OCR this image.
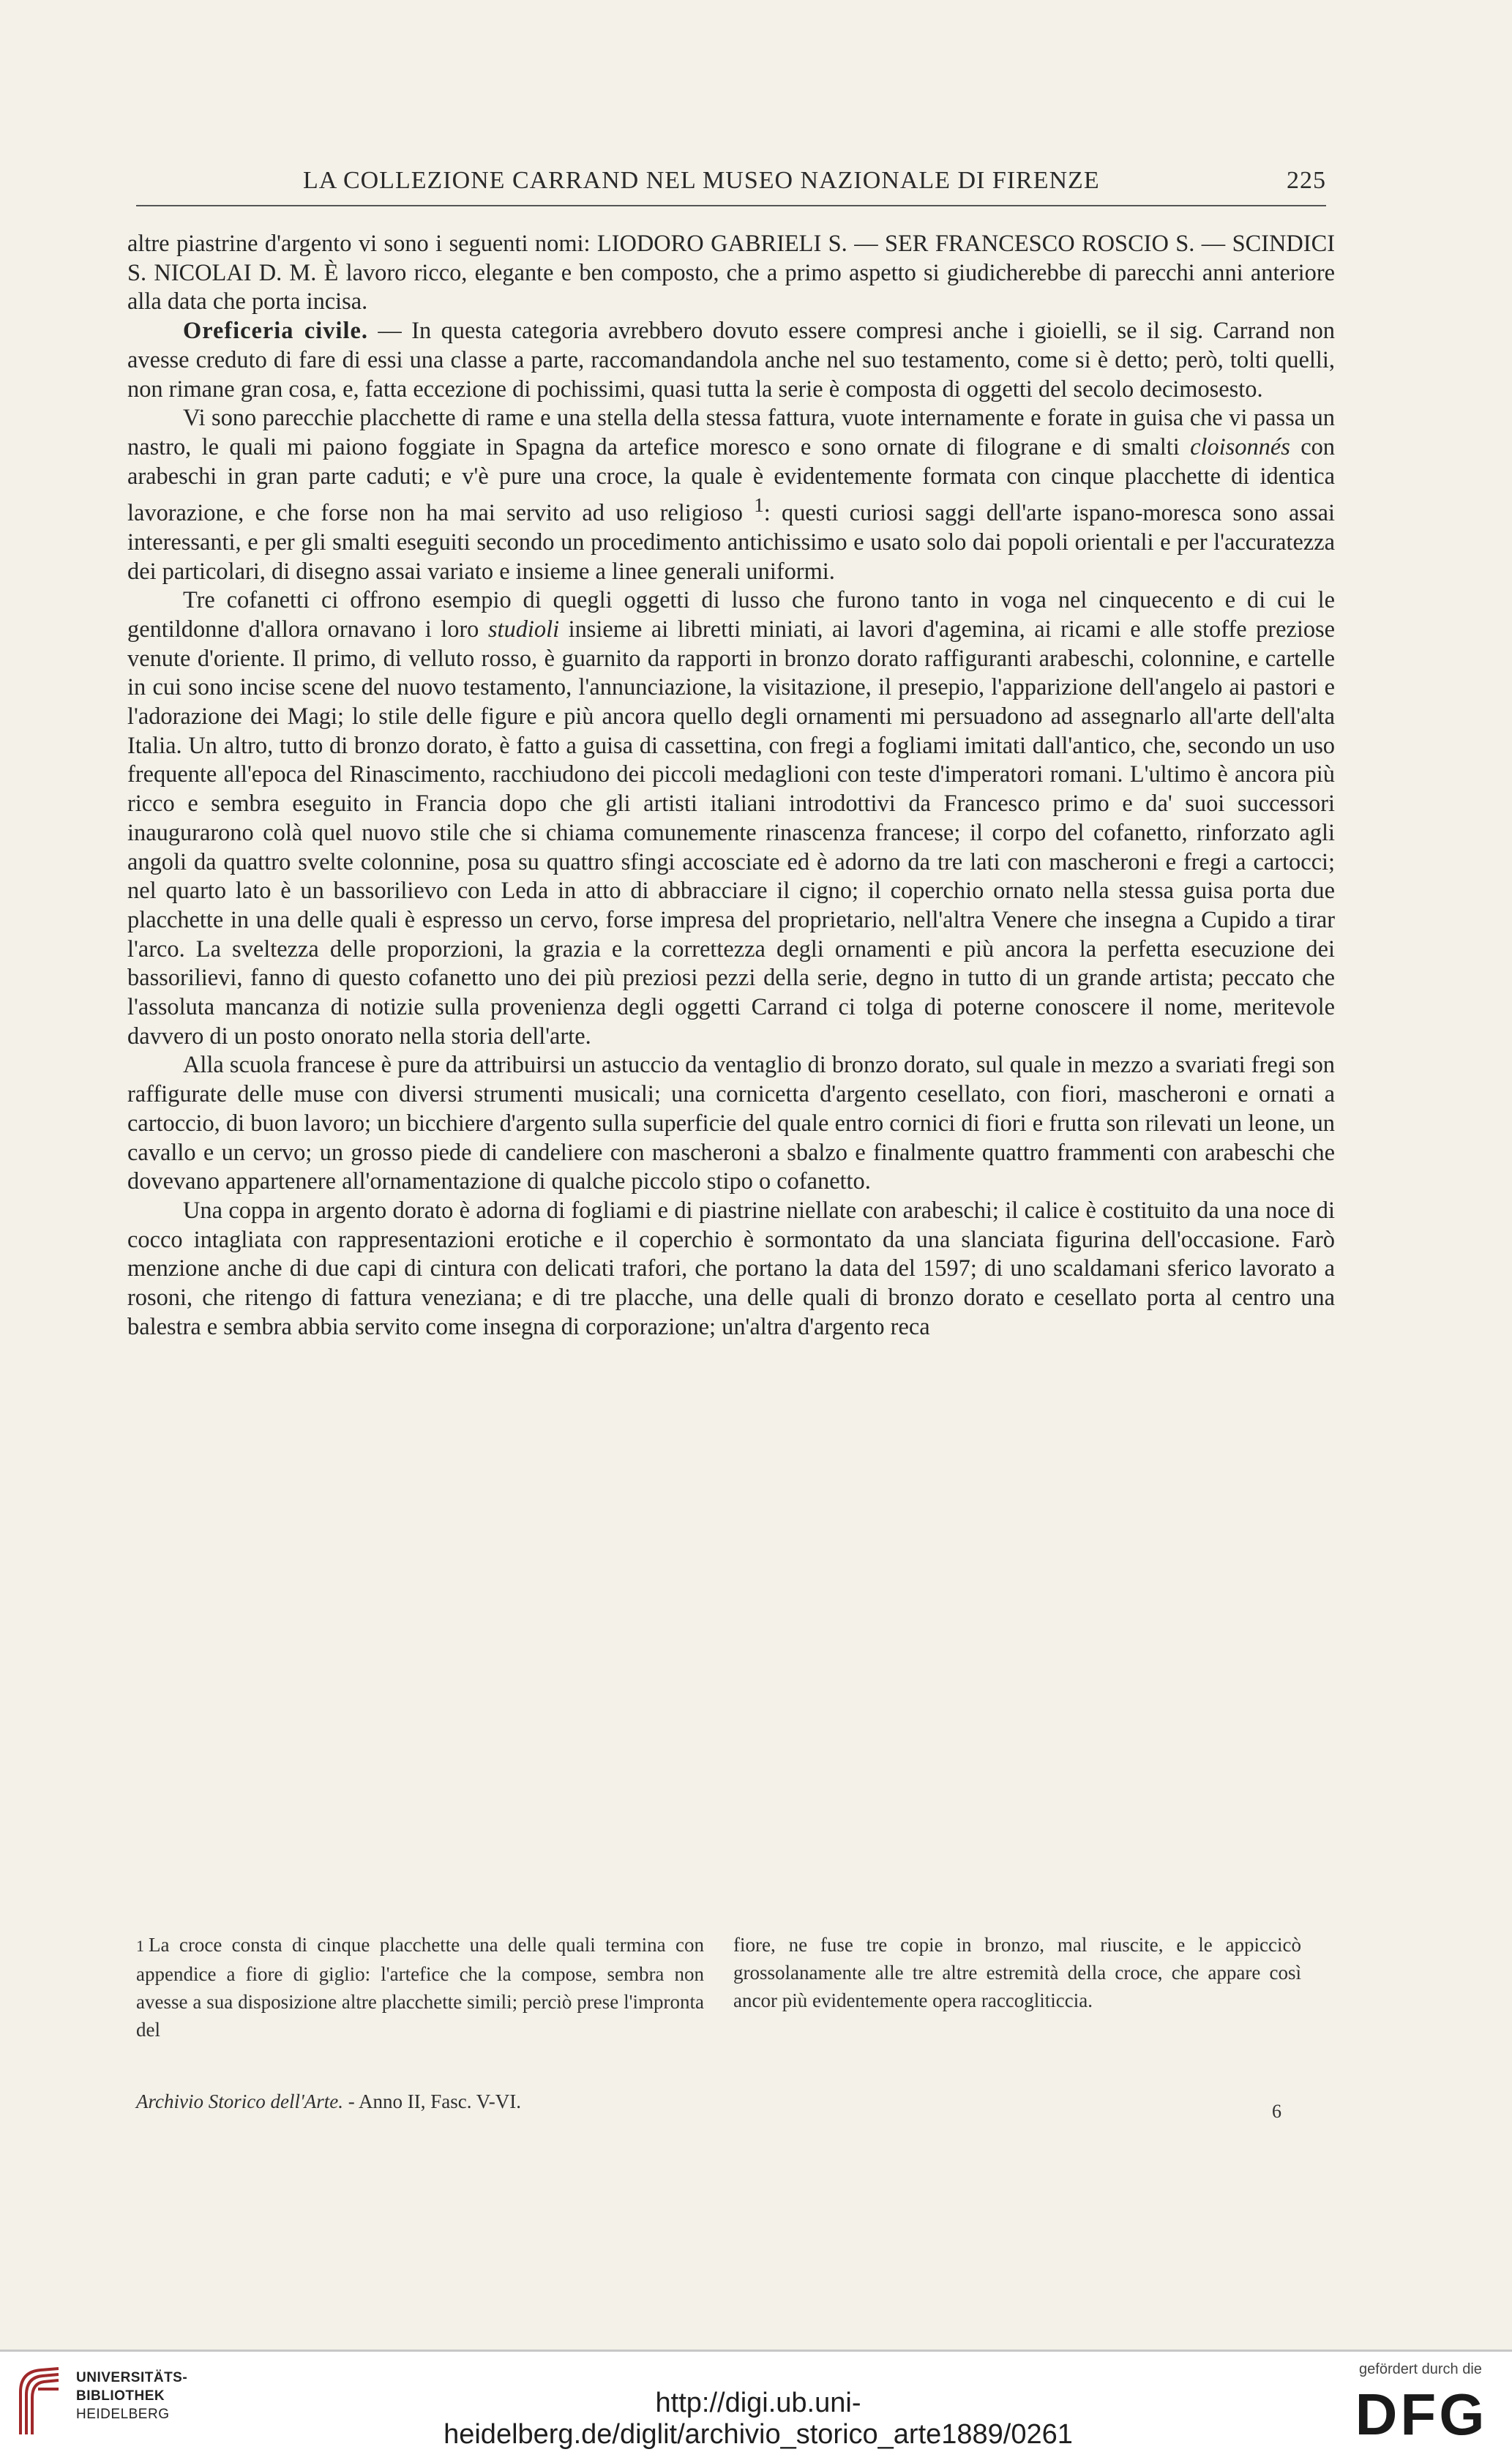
LA COLLEZIONE CARRAND NEL MUSEO NAZIONALE DI FIRENZE	225

altre piastrine d'argento vi sono i seguenti nomi: LIODORO GABRIELI S. — SER FRANCESCO ROSCIO S. — SCINDICI S. NICOLAI D. M. È lavoro ricco, elegante e ben composto, che a primo aspetto si giudicherebbe di parecchi anni anteriore alla data che porta incisa.

Oreficeria civile. — In questa categoria avrebbero dovuto essere compresi anche i gioielli, se il sig. Carrand non avesse creduto di fare di essi una classe a parte, raccomandandola anche nel suo testamento, come si è detto; però, tolti quelli, non rimane gran cosa, e, fatta eccezione di pochissimi, quasi tutta la serie è composta di oggetti del secolo decimosesto.

Vi sono parecchie placchette di rame e una stella della stessa fattura, vuote internamente e forate in guisa che vi passa un nastro, le quali mi paiono foggiate in Spagna da artefice moresco e sono ornate di filograne e di smalti cloisonnés con arabeschi in gran parte caduti; e v'è pure una croce, la quale è evidentemente formata con cinque placchette di identica lavorazione, e che forse non ha mai servito ad uso religioso $^1$: questi curiosi saggi dell'arte ispano-moresca sono assai interessanti, e per gli smalti eseguiti secondo un procedimento antichissimo e usato solo dai popoli orientali e per l'accuratezza dei particolari, di disegno assai variato e insieme a linee generali uniformi.

Tre cofanetti ci offrono esempio di quegli oggetti di lusso che furono tanto in voga nel cinquecento e di cui le gentildonne d'allora ornavano i loro studioli insieme ai libretti miniati, ai lavori d'agemina, ai ricami e alle stoffe preziose venute d'oriente. Il primo, di velluto rosso, è guarnito da rapporti in bronzo dorato raffiguranti arabeschi, colonnine, e cartelle in cui sono incise scene del nuovo testamento, l'annunciazione, la visitazione, il presepio, l'apparizione dell'angelo ai pastori e l'adorazione dei Magi; lo stile delle figure e più ancora quello degli ornamenti mi persuadono ad assegnarlo all'arte dell'alta Italia. Un altro, tutto di bronzo dorato, è fatto a guisa di cassettina, con fregi a fogliami imitati dall'antico, che, secondo un uso frequente all'epoca del Rinascimento, racchiudono dei piccoli medaglioni con teste d'imperatori romani. L'ultimo è ancora più ricco e sembra eseguito in Francia dopo che gli artisti italiani introdottivi da Francesco primo e da' suoi successori inaugurarono colà quel nuovo stile che si chiama comunemente rinascenza francese; il corpo del cofanetto, rinforzato agli angoli da quattro svelte colonnine, posa su quattro sfingi accosciate ed è adorno da tre lati con mascheroni e fregi a cartocci; nel quarto lato è un bassorilievo con Leda in atto di abbracciare il cigno; il coperchio ornato nella stessa guisa porta due placchette in una delle quali è espresso un cervo, forse impresa del proprietario, nell'altra Venere che insegna a Cupido a tirar l'arco. La sveltezza delle proporzioni, la grazia e la correttezza degli ornamenti e più ancora la perfetta esecuzione dei bassorilievi, fanno di questo cofanetto uno dei più preziosi pezzi della serie, degno in tutto di un grande artista; peccato che l'assoluta mancanza di notizie sulla provenienza degli oggetti Carrand ci tolga di poterne conoscere il nome, meritevole davvero di un posto onorato nella storia dell'arte.

Alla scuola francese è pure da attribuirsi un astuccio da ventaglio di bronzo dorato, sul quale in mezzo a svariati fregi son raffigurate delle muse con diversi strumenti musicali; una cornicetta d'argento cesellato, con fiori, mascheroni e ornati a cartoccio, di buon lavoro; un bicchiere d'argento sulla superficie del quale entro cornici di fiori e frutta son rilevati un leone, un cavallo e un cervo; un grosso piede di candeliere con mascheroni a sbalzo e finalmente quattro frammenti con arabeschi che dovevano appartenere all'ornamentazione di qualche piccolo stipo o cofanetto.

Una coppa in argento dorato è adorna di fogliami e di piastrine niellate con arabeschi; il calice è costituito da una noce di cocco intagliata con rappresentazioni erotiche e il coperchio è sormontato da una slanciata figurina dell'occasione. Farò menzione anche di due capi di cintura con delicati trafori, che portano la data del 1597; di uno scaldamani sferico lavorato a rosoni, che ritengo di fattura veneziana; e di tre placche, una delle quali di bronzo dorato e cesellato porta al centro una balestra e sembra abbia servito come insegna di corporazione; un'altra d'argento reca

1 La croce consta di cinque placchette una delle quali termina con appendice a fiore di giglio: l'artefice che la compose, sembra non avesse a sua disposizione altre placchette simili; perciò prese l'impronta del

fiore, ne fuse tre copie in bronzo, mal riuscite, e le appiccicò grossolanamente alle tre altre estremità della croce, che appare così ancor più evidentemente opera raccogliticcia.

Archivio Storico dell'Arte. - Anno II, Fasc. V-VI.	6
UNIVERSITÄTS-
BIBLIOTHEK
HEIDELBERG	http://digi.ub.uni-heidelberg.de/diglit/archivio_storico_arte1889/0261
gefördert durch die
DFG
